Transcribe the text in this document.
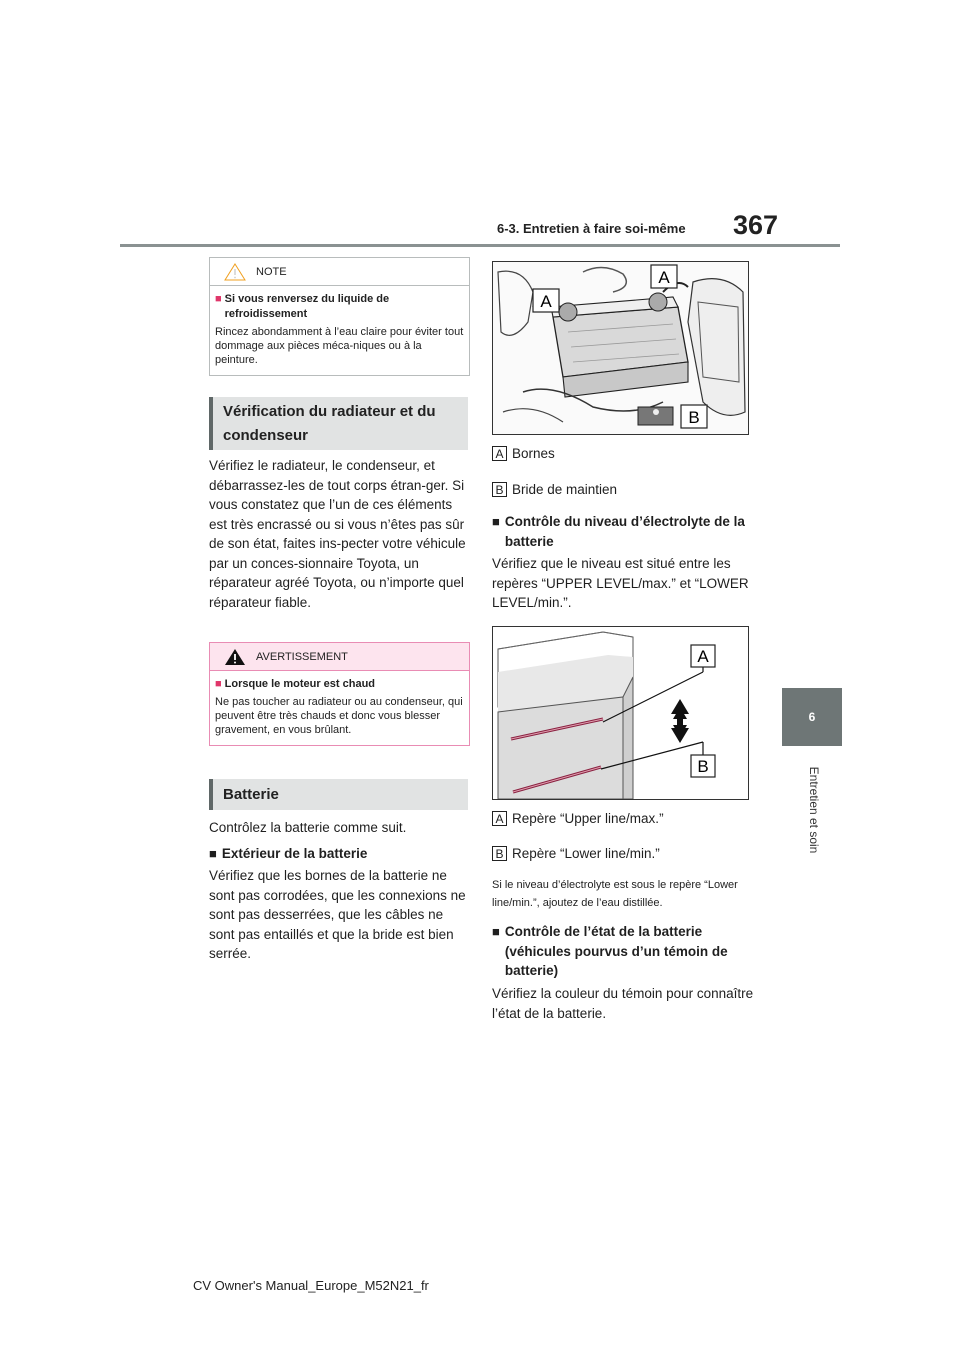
6-3. Entretien à faire soi-même 367
6
Entretien et soin
NOTE
■ Si vous renversez du liquide de refroidissement
Rincez abondamment à l’eau claire pour éviter tout dommage aux pièces méca-niques ou à la peinture.
Vérification du radiateur et du condenseur
Vérifiez le radiateur, le condenseur, et débarrassez-les de tout corps étran-ger. Si vous constatez que l’un de ces éléments est très encrassé ou si vous n’êtes pas sûr de son état, faites ins-pecter votre véhicule par un conces-sionnaire Toyota, un réparateur agréé Toyota, ou n’importe quel réparateur fiable.
AVERTISSEMENT
■ Lorsque le moteur est chaud
Ne pas toucher au radiateur ou au condenseur, qui peuvent être très chauds et donc vous blesser gravement, en vous brûlant.
Batterie
Contrôlez la batterie comme suit.
■ Extérieur de la batterie
Vérifiez que les bornes de la batterie ne sont pas corrodées, que les connexions ne sont pas desserrées, que les câbles ne sont pas entaillés et que la bride est bien serrée.
A
A
B
A Bornes
B Bride de maintien
■ Contrôle du niveau d’électrolyte de la batterie
Vérifiez que le niveau est situé entre les repères “UPPER LEVEL/max.” et “LOWER LEVEL/min.”.
A
B
A Repère “Upper line/max.”
B Repère “Lower line/min.”
Si le niveau d’électrolyte est sous le repère “Lower line/min.”, ajoutez de l’eau distillée.
■ Contrôle de l’état de la batterie (véhicules pourvus d’un témoin de batterie)
Vérifiez la couleur du témoin pour connaître l’état de la batterie.
CV Owner's Manual_Europe_M52N21_fr
